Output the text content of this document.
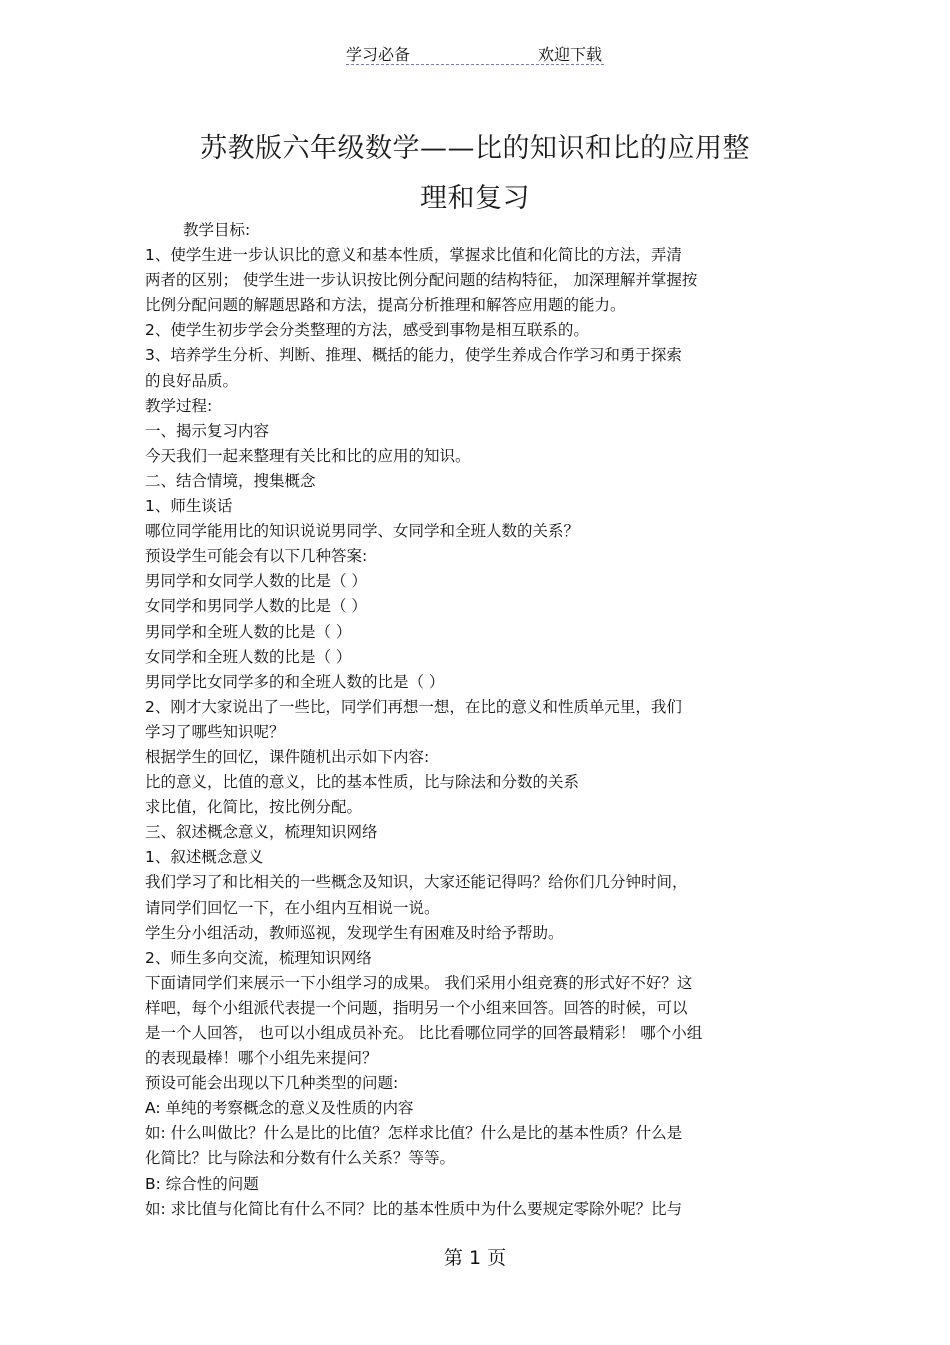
学习必备	欢迎下载
苏教版六年级数学——比的知识和比的应用整
理和复习
教学目标:
1、使学生进一步认识比的意义和基本性质，掌握求比值和化简比的方法，弄清
两者的区别； 使学生进一步认识按比例分配问题的结构特征， 加深理解并掌握按
比例分配问题的解题思路和方法，提高分析推理和解答应用题的能力。
2、使学生初步学会分类整理的方法，感受到事物是相互联系的。
3、培养学生分析、判断、推理、概括的能力，使学生养成合作学习和勇于探索
的良好品质。
教学过程:
一、揭示复习内容
今天我们一起来整理有关比和比的应用的知识。
二、结合情境，搜集概念
1、师生谈话
哪位同学能用比的知识说说男同学、女同学和全班人数的关系？
预设学生可能会有以下几种答案:
男同学和女同学人数的比是（ ）
女同学和男同学人数的比是（ ）
男同学和全班人数的比是（ ）
女同学和全班人数的比是（ ）
男同学比女同学多的和全班人数的比是（ ）
2、刚才大家说出了一些比，同学们再想一想，在比的意义和性质单元里，我们
学习了哪些知识呢？
根据学生的回忆，课件随机出示如下内容:
比的意义，比值的意义，比的基本性质，比与除法和分数的关系
求比值，化简比，按比例分配。
三、叙述概念意义，梳理知识网络
1、叙述概念意义
我们学习了和比相关的一些概念及知识，大家还能记得吗？给你们几分钟时间，
请同学们回忆一下，在小组内互相说一说。
学生分小组活动，教师巡视，发现学生有困难及时给予帮助。
2、师生多向交流，梳理知识网络
下面请同学们来展示一下小组学习的成果。 我们采用小组竞赛的形式好不好？这
样吧，每个小组派代表提一个问题，指明另一个小组来回答。回答的时候，可以
是一个人回答， 也可以小组成员补充。 比比看哪位同学的回答最精彩！ 哪个小组
的表现最棒！哪个小组先来提问？
预设可能会出现以下几种类型的问题:
A: 单纯的考察概念的意义及性质的内容
如: 什么叫做比？什么是比的比值？怎样求比值？什么是比的基本性质？什么是
化简比？比与除法和分数有什么关系？等等。
B: 综合性的问题
如: 求比值与化简比有什么不同？比的基本性质中为什么要规定零除外呢？比与
第 1 页
